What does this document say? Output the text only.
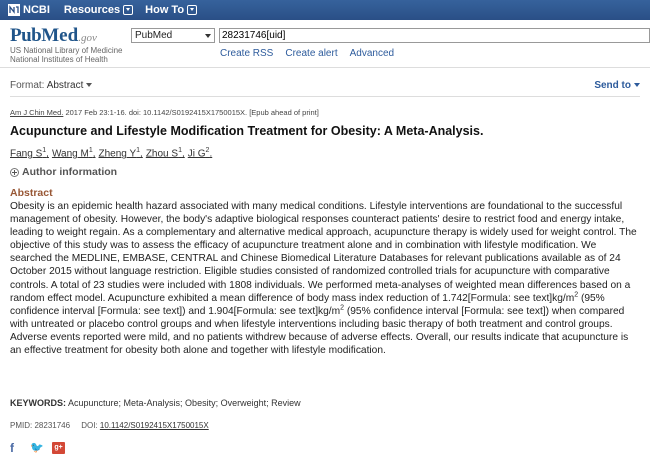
NCBI Resources How To
PubMed.gov
US National Library of Medicine
National Institutes of Health
PubMed	28231746[uid]
Create RSS Create alert Advanced
Format: Abstract	Send to
Am J Chin Med. 2017 Feb 23:1-16. doi: 10.1142/S0192415X1750015X. [Epub ahead of print]
Acupuncture and Lifestyle Modification Treatment for Obesity: A Meta-Analysis.
Fang $S^1$, Wang $M^1$, Zheng $Y^1$, Zhou $S^1$, Ji $G^2$.
Author information
Abstract
Obesity is an epidemic health hazard associated with many medical conditions. Lifestyle interventions are foundational to the successful management of obesity. However, the body's adaptive biological responses counteract patients' desire to restrict food and energy intake, leading to weight regain. As a complementary and alternative medical approach, acupuncture therapy is widely used for weight control. The objective of this study was to assess the efficacy of acupuncture treatment alone and in combination with lifestyle modification. We searched the MEDLINE, EMBASE, CENTRAL and Chinese Biomedical Literature Databases for relevant publications available as of 24 October 2015 without language restriction. Eligible studies consisted of randomized controlled trials for acupuncture with comparative controls. A total of 23 studies were included with 1808 individuals. We performed meta-analyses of weighted mean differences based on a random effect model. Acupuncture exhibited a mean difference of body mass index reduction of 1.742[Formula: see $text]kg/m^2$ (95% confidence interval [Formula: see text]) and 1.904[Formula: see $text]kg/m^2$ (95% confidence interval [Formula: see text]) when compared with untreated or placebo control groups and when lifestyle interventions including basic therapy of both treatment and control groups. Adverse events reported were mild, and no patients withdrew because of adverse effects. Overall, our results indicate that acupuncture is an effective treatment for obesity both alone and together with lifestyle modification.
KEYWORDS: Acupuncture; Meta-Analysis; Obesity; Overweight; Review
PMID: 28231746 DOI: 10.1142/S0192415X1750015X
f	🐦	g+
